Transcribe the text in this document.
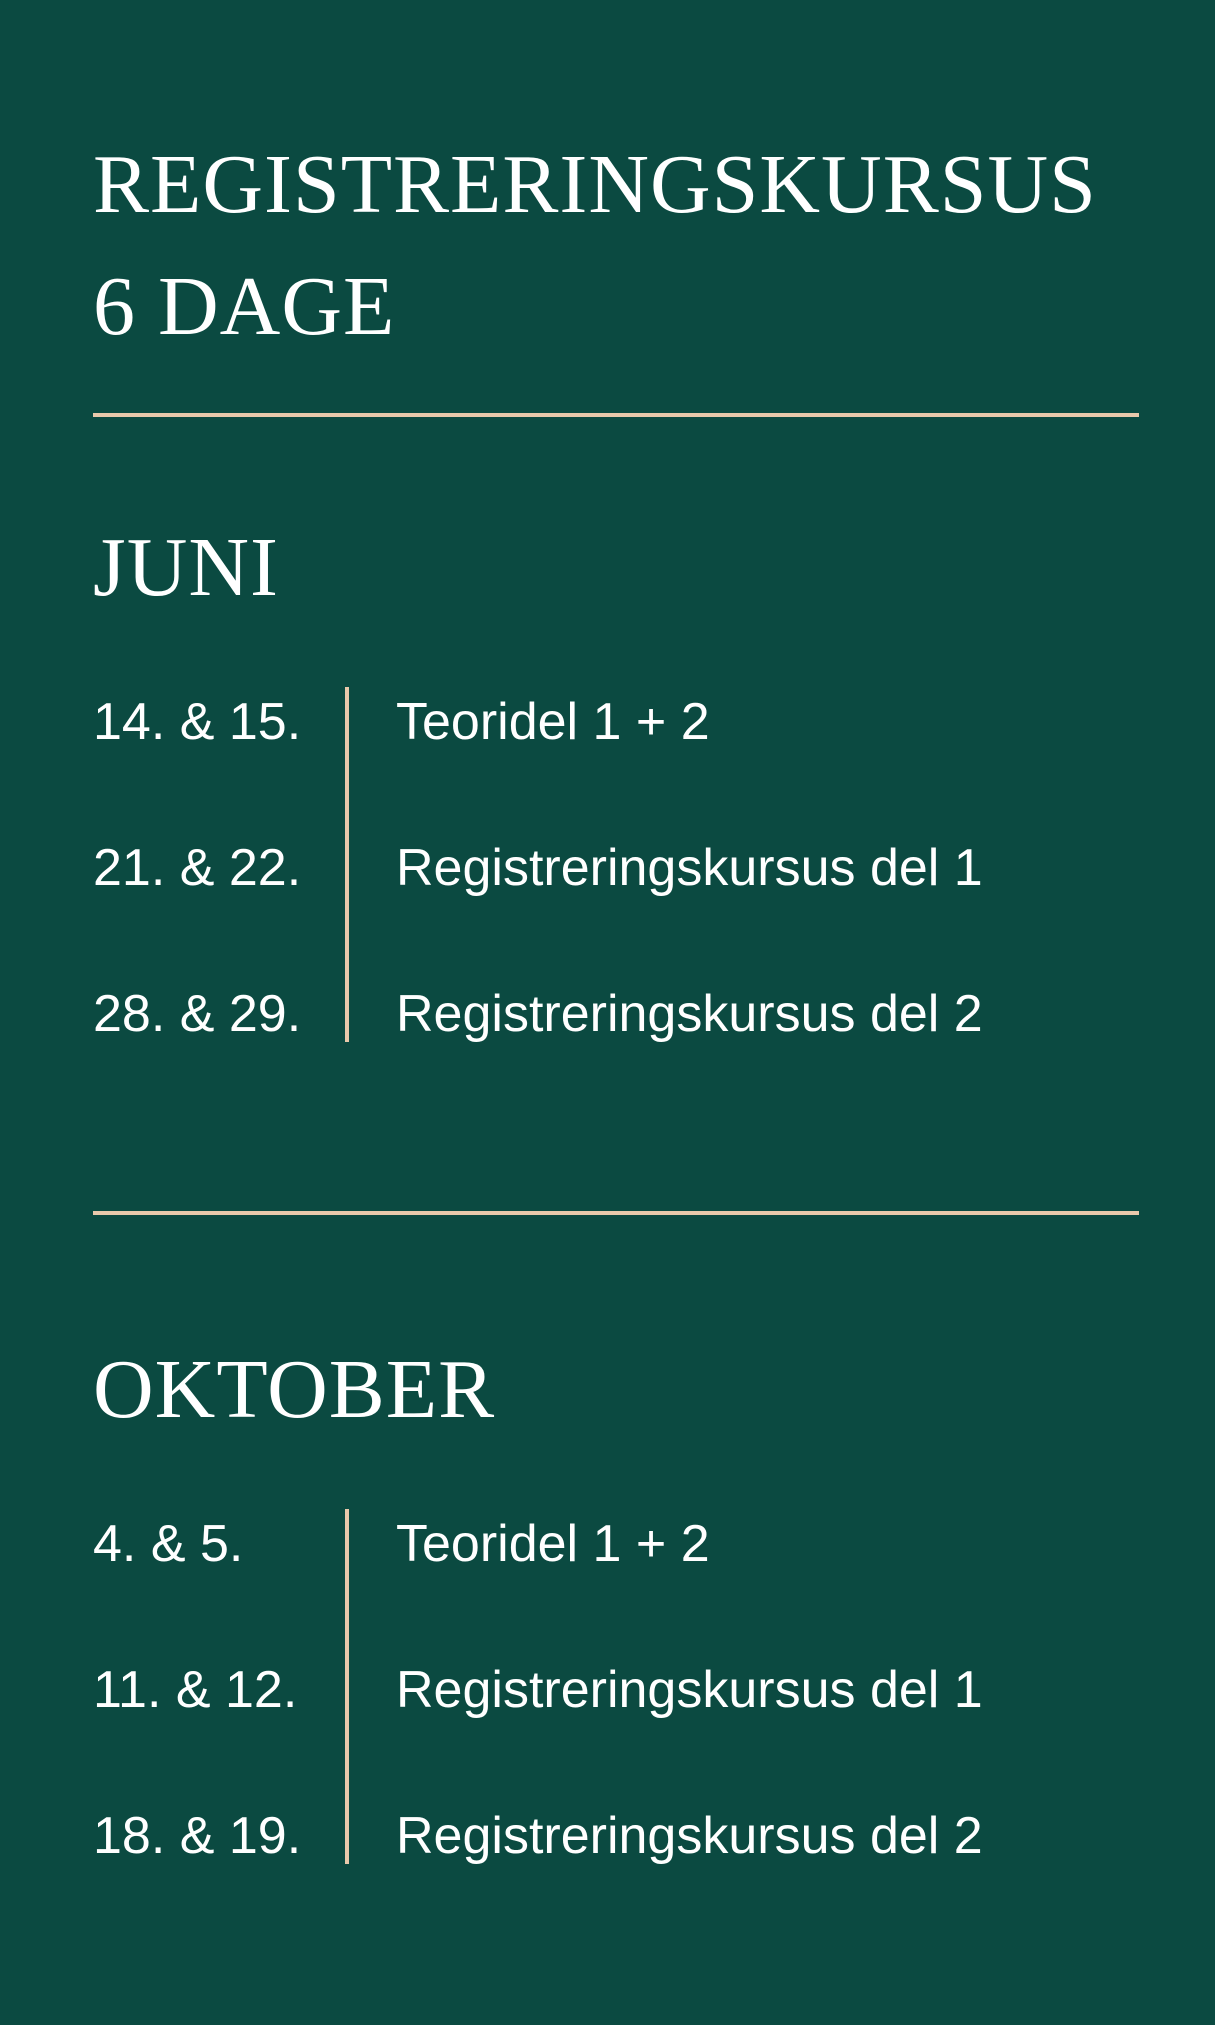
REGISTRERINGSKURSUS
6 DAGE
JUNI
14. & 15. Teoridel 1 + 2
21. & 22. Registreringskursus del 1
28. & 29. Registreringskursus del 2
OKTOBER
4. & 5.	Teoridel 1 + 2
11. & 12. Registreringskursus del 1
18. & 19. Registreringskursus del 2
